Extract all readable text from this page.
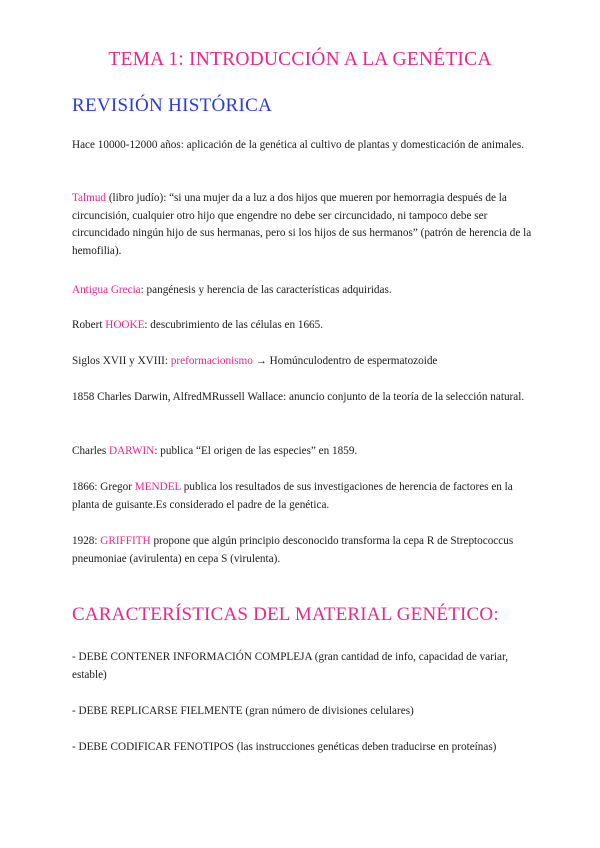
TEMA 1: INTRODUCCIÓN A LA GENÉTICA
REVISIÓN HISTÓRICA

Hace 10000-12000 años: aplicación de la genética al cultivo de plantas y domesticación de animales.

Talmud (libro judío): “si una mujer da a luz a dos hijos que mueren por hemorragia después de la circuncisión, cualquier otro hijo que engendre no debe ser circuncidado, ni tampoco debe ser circuncidado ningún hijo de sus hermanas, pero si los hijos de sus hermanos” (patrón de herencia de la hemofilia).

Antigua Grecia: pangénesis y herencia de las características adquiridas.

Robert HOOKE: descubrimiento de las células en 1665.

Siglos XVII y XVIII: preformacionismo → Homúnculodentro de espermatozoide

1858 Charles Darwin, AlfredMRussell Wallace: anuncio conjunto de la teoría de la selección natural.

Charles DARWIN: publica “El origen de las especies” en 1859.

1866: Gregor MENDEL publica los resultados de sus investigaciones de herencia de factores en la planta de guisante.Es considerado el padre de la genética.

1928: GRIFFITH propone que algún principio desconocido transforma la cepa R de Streptococcus pneumoniae (avirulenta) en cepa S (virulenta).

CARACTERÍSTICAS DEL MATERIAL GENÉTICO:

- DEBE CONTENER INFORMACIÓN COMPLEJA (gran cantidad de info, capacidad de variar, estable)

- DEBE REPLICARSE FIELMENTE (gran número de divisiones celulares)

- DEBE CODIFICAR FENOTIPOS (las instrucciones genéticas deben traducirse en proteínas)
